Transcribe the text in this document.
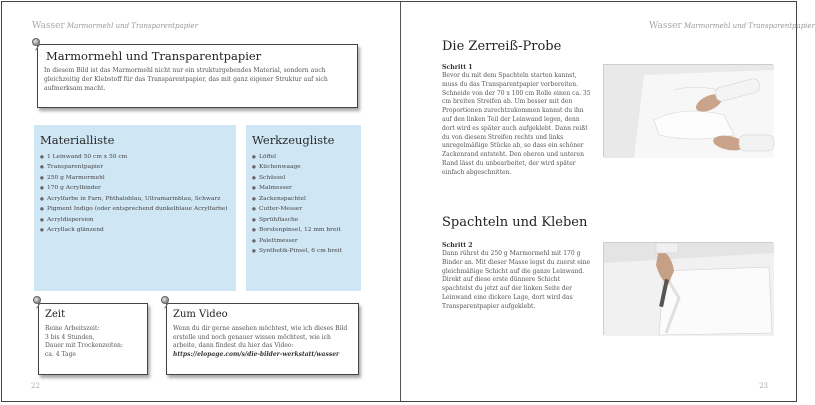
Wasser Marmormehl und Transparentpapier
Marmormehl und Transparentpapier
In diesem Bild ist das Marmormehl nicht nur ein strukturgebendes Material, sondern auch gleichzeitig der Klebstoff für das Transparentpapier, das mit ganz eigener Struktur auf sich aufmerksam macht.
Materialliste
● 1 Leinwand 50 cm x 50 cm
● Transparentpapier
● 250 g Marmormehl
● 170 g Acrylbinder
● Acrylfarbe in Farn, Phthaloblau, Ultramarinblau, Schwarz
● Pigment Indigo (oder entsprechend dunkelblaue Acrylfarbe)
● Acryldispersion
● Acryllack glänzend
Werkzeugliste
● Löffel
● Küchenwaage
● Schüssel
● Malmesser
● Zackenspachtel
● Cutter-Messer
● Sprühflasche
● Borstenpinsel, 12 mm breit
● Palettmesser
● Synthetik-Pinsel, 6 cm breit
Zeit
Reine Arbeitszeit:
3 bis 4 Stunden,
Dauer mit Trockenzeiten:
ca. 4 Tage
Zum Video
Wenn du dir gerne ansehen möchtest, wie ich dieses Bild erstelle und noch genauer wissen möchtest, wie ich arbeite, dann findest du hier das Video:
https://elopage.com/s/die-bilder-werkstatt/wasser
22
Wasser Marmormehl und Transparentpapier
Die Zerreiß-Probe
Schritt 1
Bevor du mit dem Spachteln starten kannst, muss du das Transparentpapier vorbereiten. Schneide von der 70 x 100 cm Rolle einen ca. 35 cm breiten Streifen ab. Um besser mit den Proportionen zurechtzukommen kannst du ihn auf den linken Teil der Leinwand legen, denn dort wird es später auch aufgeklebt. Dann reißt du von diesem Streifen rechts und links unregelmäßige Stücke ab, so dass ein schöner Zackenrand entsteht. Den oberen und unteren Rand lässt du unbearbeitet, der wird später einfach abgeschnitten.
Spachteln und Kleben
Schritt 2
Dann rührst du 250 g Marmormehl mit 170 g Binder an. Mit dieser Masse legst du zuerst eine gleichmäßige Schicht auf die ganze Leinwand. Direkt auf diese erste dünnere Schicht spachtelst du jetzt auf der linken Seite der Leinwand eine dickere Lage, dort wird das Transparentpapier aufgeklebt.
23
